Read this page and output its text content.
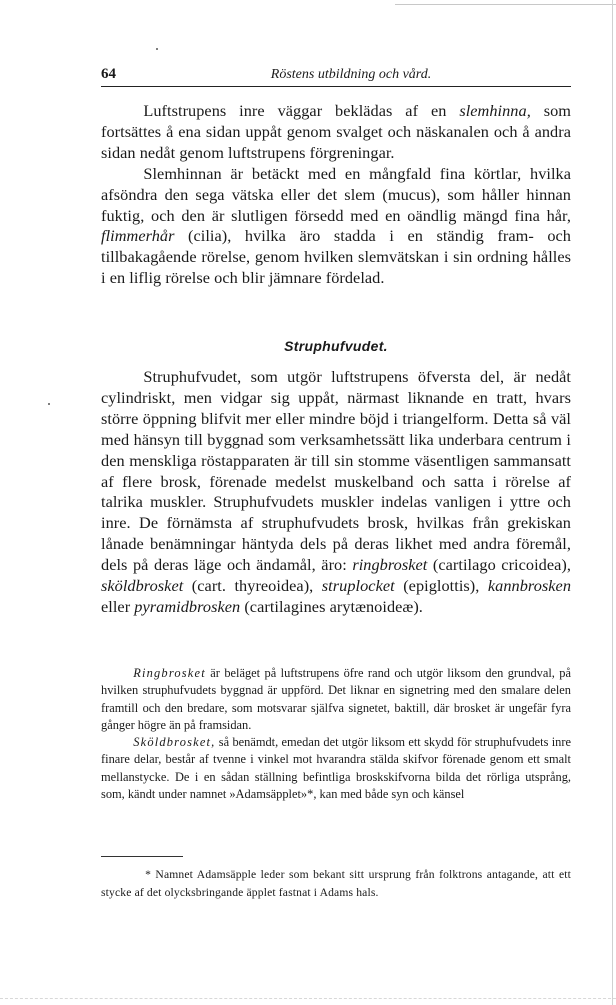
64	Röstens utbildning och vård.

Luftstrupens inre väggar beklädas af en slemhinna, som fortsättes å ena sidan uppåt genom svalget och näskanalen och å andra sidan nedåt genom luftstrupens förgreningar.

Slemhinnan är betäckt med en mångfald fina körtlar, hvilka afsöndra den sega vätska eller det slem (mucus), som håller hinnan fuktig, och den är slutligen försedd med en oändlig mängd fina hår, flimmerhår (cilia), hvilka äro stadda i en ständig fram- och tillbakagående rörelse, genom hvilken slemvätskan i sin ordning hålles i en liflig rörelse och blir jämnare fördelad.

Struphufvudet.

Struphufvudet, som utgör luftstrupens öfversta del, är nedåt cylindriskt, men vidgar sig uppåt, närmast liknande en tratt, hvars större öppning blifvit mer eller mindre böjd i triangelform. Detta så väl med hänsyn till byggnad som verksamhetssätt lika underbara centrum i den menskliga röstapparaten är till sin stomme väsentligen sammansatt af flere brosk, förenade medelst muskelband och satta i rörelse af talrika muskler. Struphufvudets muskler indelas vanligen i yttre och inre. De förnämsta af struphufvudets brosk, hvilkas från grekiskan lånade benämningar häntyda dels på deras likhet med andra föremål, dels på deras läge och ändamål, äro: ringbrosket (cartilago cricoidea), sköldbrosket (cart. thyreoidea), struplocket (epiglottis), kannbrosken eller pyramidbrosken (cartilagines arytænoideæ).

Ringbrosket är beläget på luftstrupens öfre rand och utgör liksom den grundval, på hvilken struphufvudets byggnad är uppförd. Det liknar en signetring med den smalare delen framtill och den bredare, som motsvarar själfva signetet, baktill, där brosket är ungefär fyra gånger högre än på framsidan.

Sköldbrosket, så benämdt, emedan det utgör liksom ett skydd för struphufvudets inre finare delar, består af tvenne i vinkel mot hvarandra stälda skifvor förenade genom ett smalt mellanstycke. De i en sådan ställning befintliga broskskifvorna bilda det rörliga utsprång, som, kändt under namnet »Adamsäpplet»*, kan med både syn och känsel

* Namnet Adamsäpple leder som bekant sitt ursprung från folktrons antagande, att ett stycke af det olycksbringande äpplet fastnat i Adams hals.
